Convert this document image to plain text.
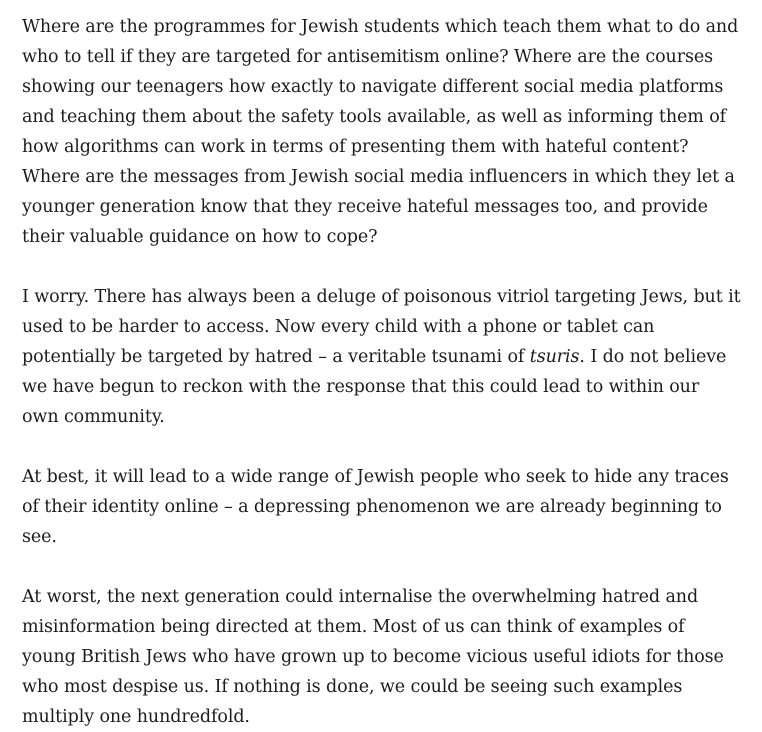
Where are the programmes for Jewish students which teach them what to do and
who to tell if they are targeted for antisemitism online? Where are the courses
showing our teenagers how exactly to navigate different social media platforms
and teaching them about the safety tools available, as well as informing them of
how algorithms can work in terms of presenting them with hateful content?
Where are the messages from Jewish social media influencers in which they let a
younger generation know that they receive hateful messages too, and provide
their valuable guidance on how to cope?

I worry. There has always been a deluge of poisonous vitriol targeting Jews, but it
used to be harder to access. Now every child with a phone or tablet can
potentially be targeted by hatred – a veritable tsunami of tsuris. I do not believe
we have begun to reckon with the response that this could lead to within our
own community.

At best, it will lead to a wide range of Jewish people who seek to hide any traces
of their identity online – a depressing phenomenon we are already beginning to
see.

At worst, the next generation could internalise the overwhelming hatred and
misinformation being directed at them. Most of us can think of examples of
young British Jews who have grown up to become vicious useful idiots for those
who most despise us. If nothing is done, we could be seeing such examples
multiply one hundredfold.
